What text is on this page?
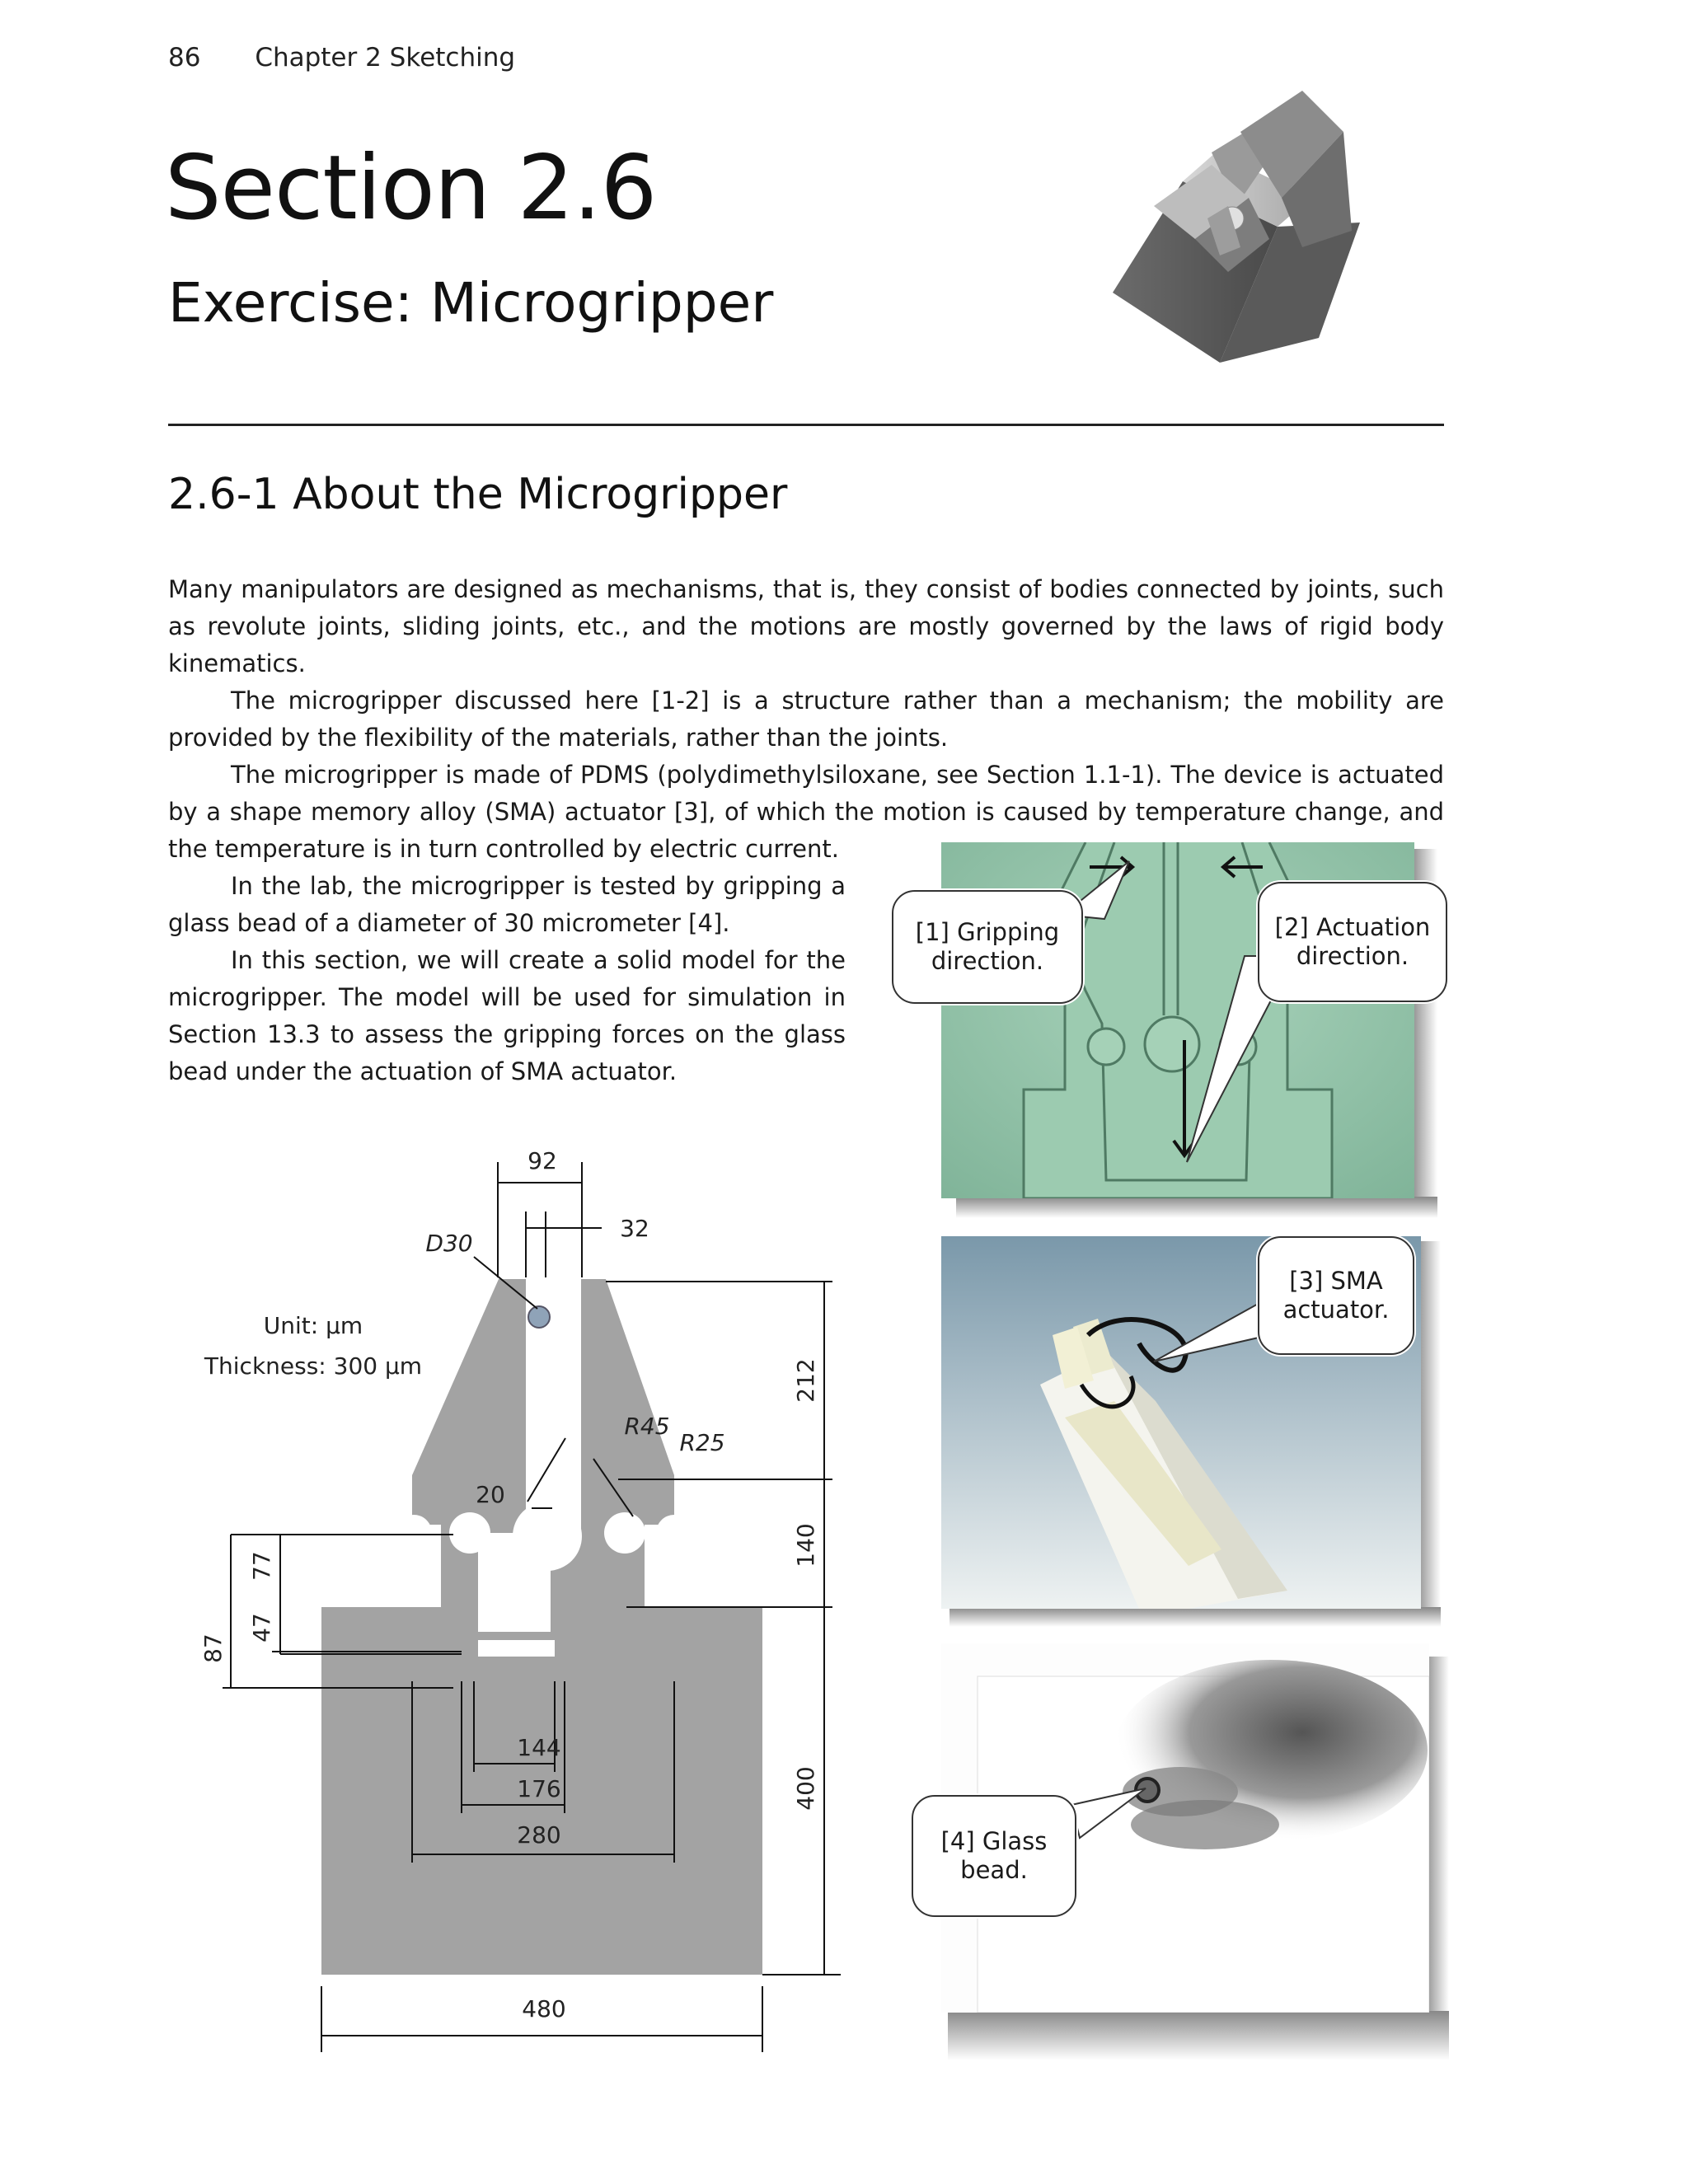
86 Chapter 2 Sketching
Section 2.6
Exercise: Microgripper
2.6-1 About the Microgripper

Many manipulators are designed as mechanisms, that is, they consist of bodies connected by joints, such as revolute joints, sliding joints, etc., and the motions are mostly governed by the laws of rigid body kinematics.

The microgripper discussed here [1-2] is a structure rather than a mechanism; the mobility are provided by the flexibility of the materials, rather than the joints.

The microgripper is made of PDMS (polydimethylsiloxane, see Section 1.1-1). The device is actuated by a shape memory alloy (SMA) actuator [3], of which the motion is caused by temperature change, and the temperature is in turn controlled by electric current.

In the lab, the microgripper is tested by gripping a glass bead of a diameter of 30 micrometer [4].

In this section, we will create a solid model for the microgripper. The model will be used for simulation in Section 13.3 to assess the gripping forces on the glass bead under the actuation of SMA actuator.

[1] Gripping direction.
[2] Actuation direction.
[3] SMA actuator.
[4] Glass bead.
Unit: μm
Thickness: 300 μm
92
32
D30
R45
R25
20
144
176
280
480
212
140
400
77
47
87
